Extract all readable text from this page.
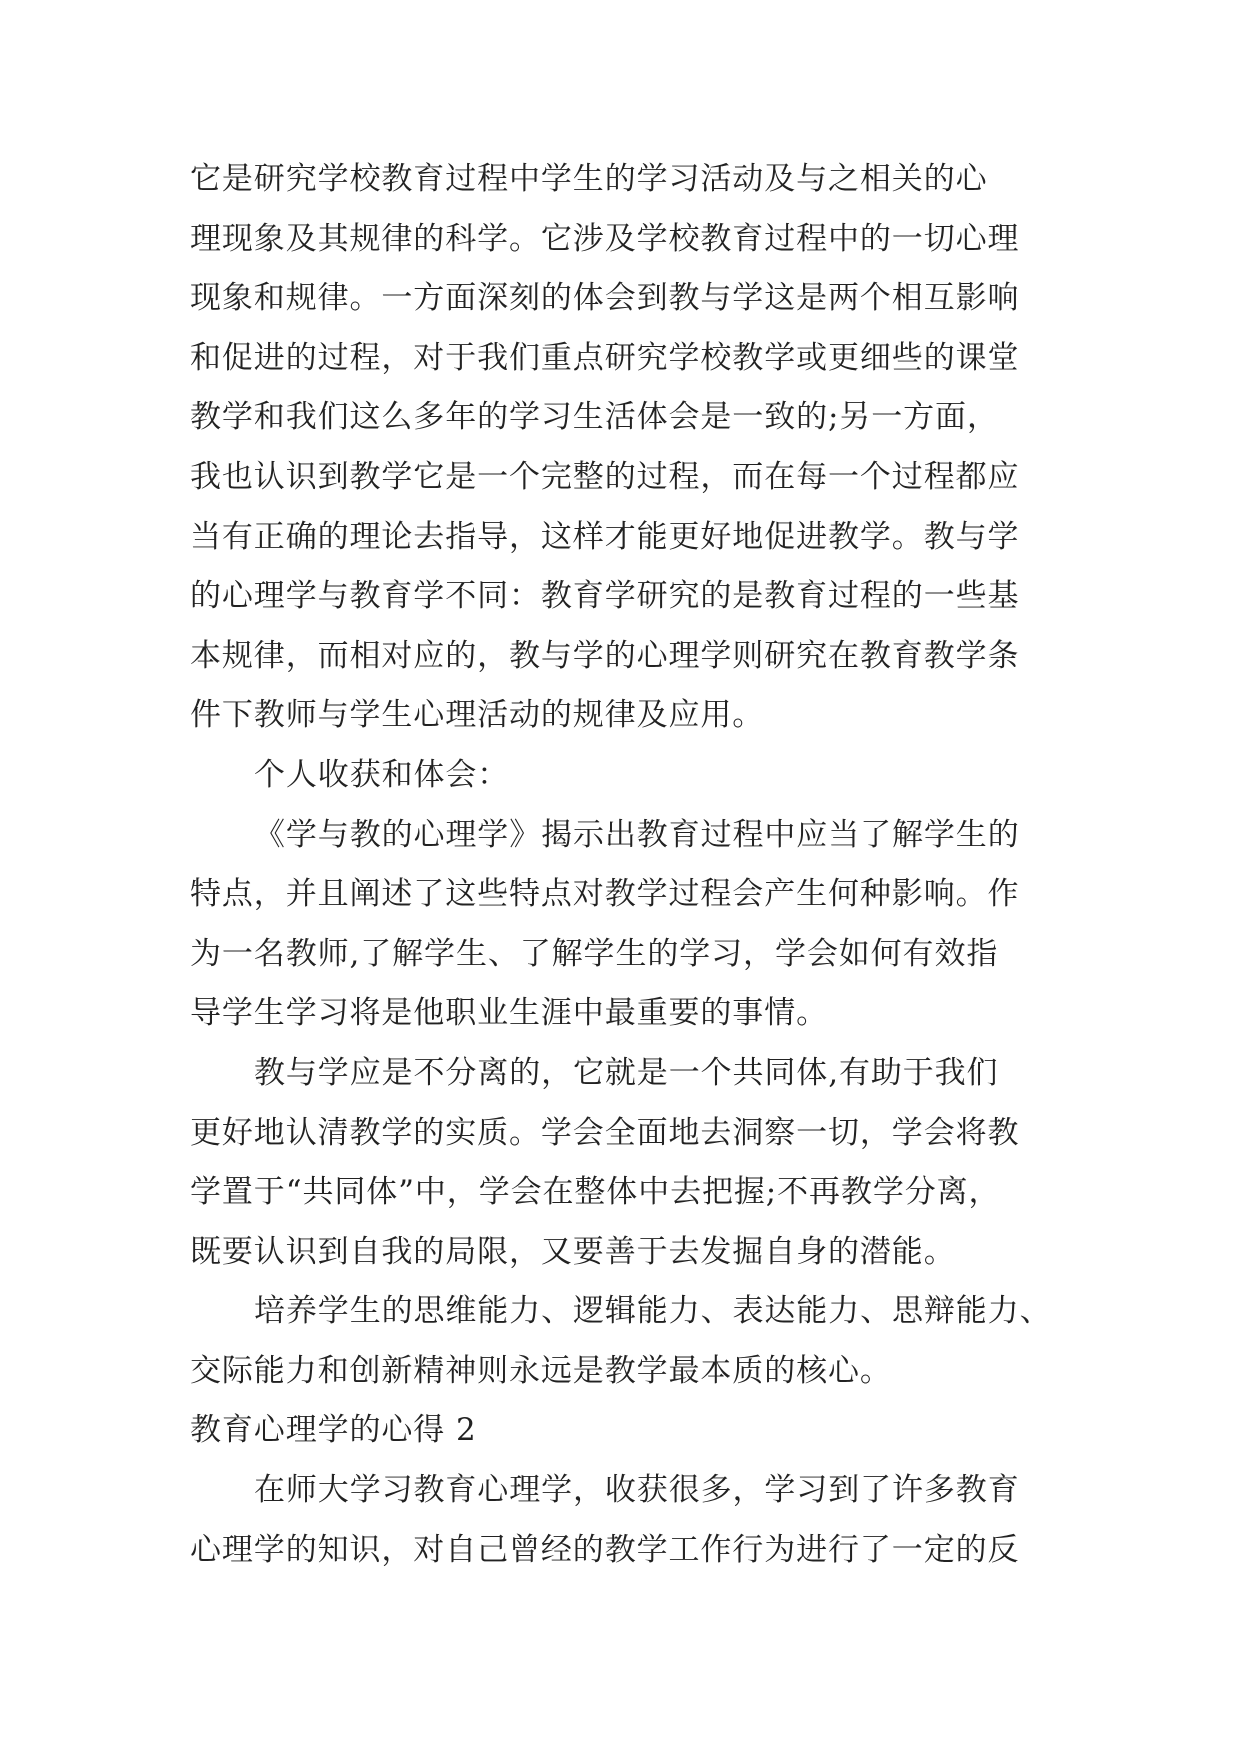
它是研究学校教育过程中学生的学习活动及与之相关的心
理现象及其规律的科学。它涉及学校教育过程中的一切心理
现象和规律。一方面深刻的体会到教与学这是两个相互影响
和促进的过程，对于我们重点研究学校教学或更细些的课堂
教学和我们这么多年的学习生活体会是一致的;另一方面，
我也认识到教学它是一个完整的过程，而在每一个过程都应
当有正确的理论去指导，这样才能更好地促进教学。教与学
的心理学与教育学不同：教育学研究的是教育过程的一些基
本规律，而相对应的，教与学的心理学则研究在教育教学条
件下教师与学生心理活动的规律及应用。
个人收获和体会：
《学与教的心理学》揭示出教育过程中应当了解学生的
特点，并且阐述了这些特点对教学过程会产生何种影响。作
为一名教师,了解学生、了解学生的学习，学会如何有效指
导学生学习将是他职业生涯中最重要的事情。
教与学应是不分离的，它就是一个共同体,有助于我们
更好地认清教学的实质。学会全面地去洞察一切，学会将教
学置于“共同体”中，学会在整体中去把握;不再教学分离，
既要认识到自我的局限，又要善于去发掘自身的潜能。
培养学生的思维能力、逻辑能力、表达能力、思辩能力、
交际能力和创新精神则永远是教学最本质的核心。
教育心理学的心得 2
在师大学习教育心理学，收获很多，学习到了许多教育
心理学的知识，对自己曾经的教学工作行为进行了一定的反
